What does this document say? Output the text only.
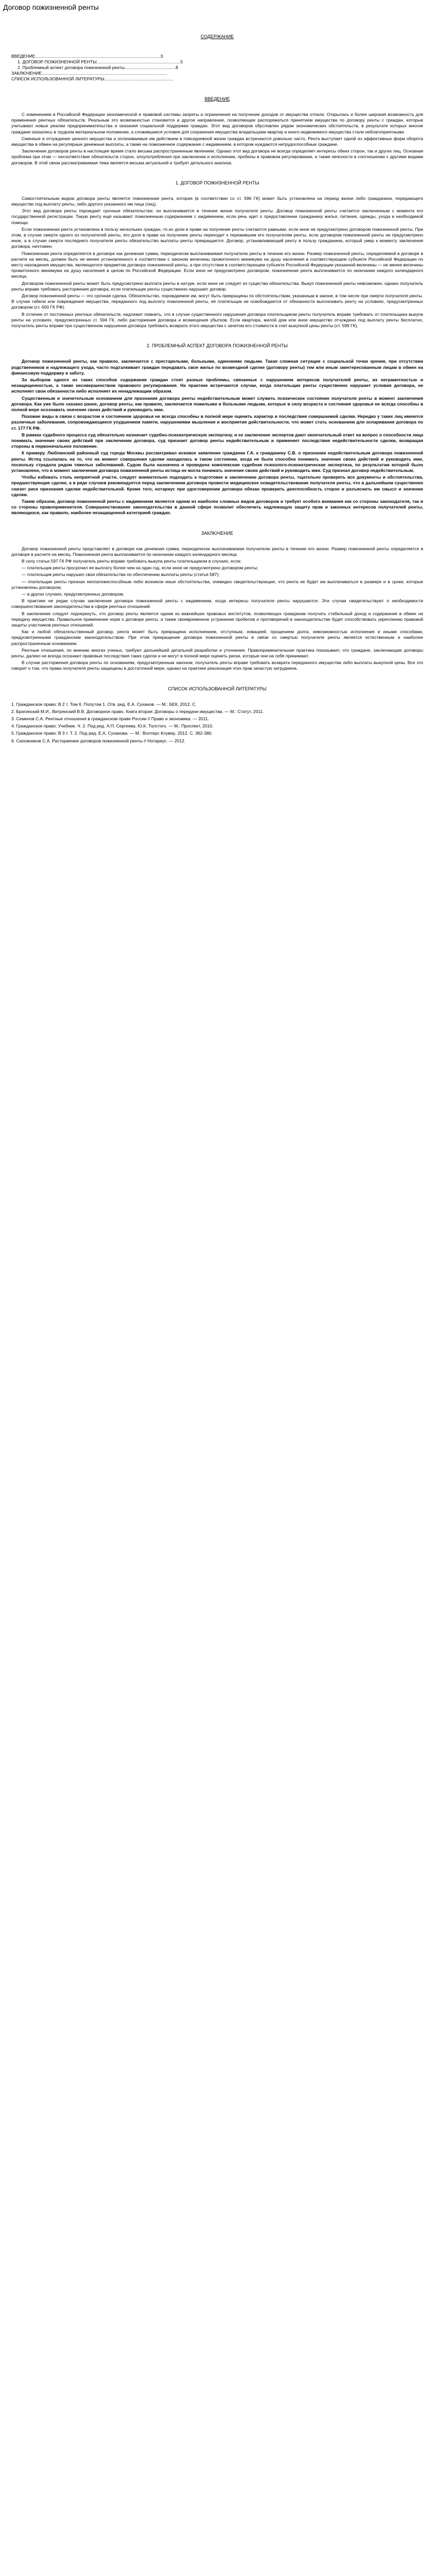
Договор пожизненной ренты
СОДЕРЖАНИЕ
ВВЕДЕНИЕ.......................................................................................................3
1. ДОГОВОР ПОЖИЗНЕННОЙ РЕНТЫ.....................................................................5
2. Проблемный аспект договора пожизненной ренты..........................................8
ЗАКЛЮЧЕНИЕ.......................................................................................................
СПИСОК ИСПОЛЬЗОВАННОЙ ЛИТЕРАТУРЫ.........................................................
ВВЕДЕНИЕ

С изменением в Российской Федерации экономической и правовой системы запреты и ограничения на получение доходов от имущества отпали. Открылась и более широкая возможность для применения рентных обязательств. Реальным это возможностью становится и другое направление, позволяющее распоряжаться принятием имущества по договору ренты с граждан, которые учитывают новые реалии предпринимательства и оказания социальной поддержки граждан. Этот вид договоров обусловлен рядом экономических обстоятельств, в результате которых многие граждане оказались в трудном материальном положении, а сложившиеся условия для сохранения имущества владельцами квартир и иного недвижимого имущества стали неблагоприятными.

Сменные и отчуждение ценного имущества и оплачиваемые им действием в повседневной жизни граждан встречаются довольно часто. Рента выступает одной из эффективных форм оборота имущества в обмен на регулярные денежные выплаты, а также на пожизненное содержание с иждивением, в котором нуждаются нетрудоспособные граждане.

Заключение договоров ренты в настоящее время стало весьма распространенным явлением. Однако этот вид договора не всегда определяет интересы обеих сторон, так и других лиц. Основная проблема при этом — несоответствие обязательств сторон, злоупотребления при заключении и исполнении, пробелы в правовом регулировании, а также неясности в соотношении с другими видами договоров. В этой связи рассматриваемая тема является весьма актуальной и требует детального анализа.

1. ДОГОВОР ПОЖИЗНЕННОЙ РЕНТЫ

Самостоятельным видом договора ренты является пожизненная рента, которая (в соответствии со ст. 596 ГК) может быть установлена на период жизни либо гражданина, передающего имущество под выплату ренты, либо другого указанного им лица (лиц).

Этот вид договора ренты порождает срочные обязательства: он выплачивается в течение жизни получателя ренты. Договор пожизненной ренты считается заключенным с момента его государственной регистрации. Такую ренту ещё называют пожизненным содержанием с иждивением, если речь идет о предоставлении гражданину жилья, питания, одежды, ухода и необходимой помощи.

Если пожизненная рента установлена в пользу нескольких граждан, то их доли в праве на получение ренты считаются равными, если иное не предусмотрено договором пожизненной ренты. При этом, в случае смерти одного из получателей ренты, его доля в праве на получение ренты переходит к пережившим его получателям ренты, если договором пожизненной ренты не предусмотрено иное, а в случае смерти последнего получателя ренты обязательство выплаты ренты прекращается. Договор, устанавливающий ренту в пользу гражданина, который умер к моменту заключения договора, ничтожен.

Пожизненная рента определяется в договоре как денежная сумма, периодически выплачиваемая получателю ренты в течение его жизни. Размер пожизненной ренты, определяемой в договоре в расчете на месяц, должен быть не менее установленного в соответствии с законом величины прожиточного минимума на душу населения в соответствующем субъекте Российской Федерации по месту нахождения имущества, являющегося предметом договора пожизненной ренты, а при отсутствии в соответствующем субъекте Российской Федерации указанной величины — не менее величины прожиточного минимума на душу населения в целом по Российской Федерации. Если иное не предусмотрено договором, пожизненная рента выплачивается по окончании каждого календарного месяца.

Договором пожизненной ренты может быть предусмотрено выплата ренты в натуре, если иное не следует из существа обязательства. Выкуп пожизненной ренты невозможен, однако получатель ренты вправе требовать расторжения договора, если плательщик ренты существенно нарушает договор.

Договор пожизненной ренты — это срочная сделка. Обязательство, порождаемое им, могут быть прекращены по обстоятельствам, указанным в законе, в том числе при смерти получателя ренты. В случае гибели или повреждения имущества, переданного под выплату пожизненной ренты, её плательщик не освобождается от обязанности выплачивать ренту на условиях, предусмотренных договором (ст. 600 ГК РФ).

В отличие от постоянных рентных обязательств, надлежит помнить, что в случае существенного нарушения договора плательщиком ренты получатель вправе требовать от плательщика выкупа ренты на условиях, предусмотренных ст. 594 ГК, либо расторжения договора и возмещения убытков. Если квартира, жилой дом или иное имущество отчуждено под выплату ренты бесплатно, получатель ренты вправе при существенном нарушении договора требовать возврата этого имущества с зачетом его стоимости в счет выкупной цены ренты (ст. 599 ГК).

2. ПРОБЛЕМНЫЙ АСПЕКТ ДОГОВОРА ПОЖИЗНЕННОЙ РЕНТЫ

Договор пожизненной ренты, как правило, заключается с престарелыми, больными, одинокими людьми. Такая сложная ситуация с социальной точки зрения, при отсутствии родственников и надлежащего ухода, часто подталкивает граждан передавать свое жилье по возмездной сделке (договору ренты) тем или иным заинтересованным лицам в обмен на финансовую поддержку и заботу.

За выбором одного из таких способов содержания граждан стоят разные проблемы, связанные с нарушением интересов получателей ренты, их неграмотностью и незащищенностью, а также несовершенством правового регулирования. На практике встречаются случаи, когда плательщик ренты существенно нарушает условия договора, не исполняет свои обязанности либо исполняет их ненадлежащим образом.

Существенным и значительным основанием для признания договора ренты недействительным может служить психическое состояние получателя ренты в момент заключения договора. Как уже было сказано ранее, договор ренты, как правило, заключается пожилыми и больными людьми, которые в силу возраста и состояния здоровья не всегда способны в полной мере осознавать значение своих действий и руководить ими.

Похожие виды в связи с возрастом и состоянием здоровья не всегда способны в полной мере оценить характер и последствия совершаемой сделки. Нередко у таких лиц имеются различные заболевания, сопровождающиеся ухудшением памяти, нарушениями мышления и восприятия действительности, что может стать основанием для оспаривания договора по ст. 177 ГК РФ.

В рамках судебного процесса суд обязательно назначает судебно-психиатрическую экспертизу, и ее заключение экспертов дают окончательный ответ на вопрос о способности лица понимать значение своих действий при заключении договора, суд признает договор ренты недействительным и применяет последствия недействительности сделки, возвращая стороны в первоначальное положение.

К примеру. Люблинский районный суд города Москвы рассматривал исковое заявление гражданки Г.А. к гражданину С.В. о признании недействительным договора пожизненной ренты. Истец ссылалась на то, что на момент совершения сделки находилась в таком состоянии, когда не была способна понимать значение своих действий и руководить ими, поскольку страдала рядом тяжелых заболеваний. Судом была назначена и проведена комплексная судебная психолого-психиатрическая экспертиза, по результатам которой было установлено, что в момент заключения договора пожизненной ренты истица не могла понимать значение своих действий и руководить ими. Суд признал договор недействительным.

Чтобы избежать столь неприятной участи, следует внимательно подходить к подготовке и заключению договора ренты, тщательно проверять все документы и обстоятельства, предшествующие сделке, а в ряде случаев рекомендуется перед заключением договора провести медицинское освидетельствование получателя ренты, что в дальнейшем существенно снизит риск признания сделки недействительной. Кроме того, нотариус при удостоверении договора обязан проверить дееспособность сторон и разъяснить им смысл и значение сделки.

Таким образом, договор пожизненной ренты с иждивением является одним из наиболее сложных видов договоров и требует особого внимания как со стороны законодателя, так и со стороны правоприменителя. Совершенствование законодательства в данной сфере позволит обеспечить надлежащую защиту прав и законных интересов получателей ренты, являющихся, как правило, наиболее незащищенной категорией граждан.

ЗАКЛЮЧЕНИЕ

Договор пожизненной ренты представляет в договоре как денежная сумма, периодически выплачиваемая получателю ренты в течение его жизни. Размер пожизненной ренты определяется в договоре в расчете на месяц. Пожизненная рента выплачивается по окончании каждого календарного месяца.

В силу статьи 597 ГК РФ получатель ренты вправе требовать выкупа ренты плательщиком в случаях, если:

— плательщик ренты просрочил ее выплату более чем на один год, если иное не предусмотрено договором ренты;

— плательщик ренты нарушил свои обязательства по обеспечению выплаты ренты (статья 587);

— плательщик ренты признан неплатежеспособным либо возникли иные обстоятельства, очевидно свидетельствующие, что рента не будет им выплачиваться в размере и в сроки, которые установлены договором;

— в других случаях, предусмотренных договором.

В практике не редки случаи заключения договора пожизненной ренты с иждивением, когда интересы получателя ренты нарушаются. Эти случаи свидетельствуют о необходимости совершенствования законодательства в сфере рентных отношений.

В заключение следует подчеркнуть, что договор ренты является одним из важнейших правовых институтов, позволяющих гражданам получать стабильный доход и содержание в обмен на передачу имущества. Правильное применение норм о договоре ренты, а также своевременное устранение пробелов и противоречий в законодательстве будет способствовать укреплению правовой защиты участников рентных отношений.

Как и любой обязательственный договор, рента может быть прекращена исполнением, отступным, новацией, прощением долга, невозможностью исполнения и иными способами, предусмотренными гражданским законодательством. При этом прекращение договора пожизненной ренты в связи со смертью получателя ренты является естественным и наиболее распространенным основанием.

Рентные отношения, по мнению многих ученых, требуют дальнейшей детальной разработки и уточнения. Правоприменительная практика показывает, что граждане, заключающие договоры ренты, далеко не всегда осознают правовые последствия таких сделок и не могут в полной мере оценить риски, которые они на себя принимают.

В случае расторжения договора ренты по основаниям, предусмотренным законом, получатель ренты вправе требовать возврата переданного имущества либо выплаты выкупной цены. Все это говорит о том, что права получателя ренты защищены в достаточной мере, однако на практике реализация этих прав зачастую затруднена.

СПИСОК ИСПОЛЬЗОВАННОЙ ЛИТЕРАТУРЫ

1. Гражданское право: В 2 т. Том II. Полутом 1. Отв. ред. Е.А. Суханов. — М.: БЕК, 2012. С.

2. Брагинский М.И., Витрянский В.В. Договорное право. Книга вторая: Договоры о передаче имущества. — М.: Статут, 2011.

3. Семенов С.А. Рентные отношения в гражданском праве России // Право и экономика. — 2011.

4. Гражданское право: Учебник. Ч. 2. Под ред. А.П. Сергеева, Ю.К. Толстого. — М.: Проспект, 2010.

5. Гражданское право: В 3 т. Т. 2. Под ред. Е.А. Суханова. — М.: Волтерс Клувер, 2012. С. 362-380.

6. Сапожников С.А. Расторжение договоров пожизненной ренты // Нотариус. — 2012.
